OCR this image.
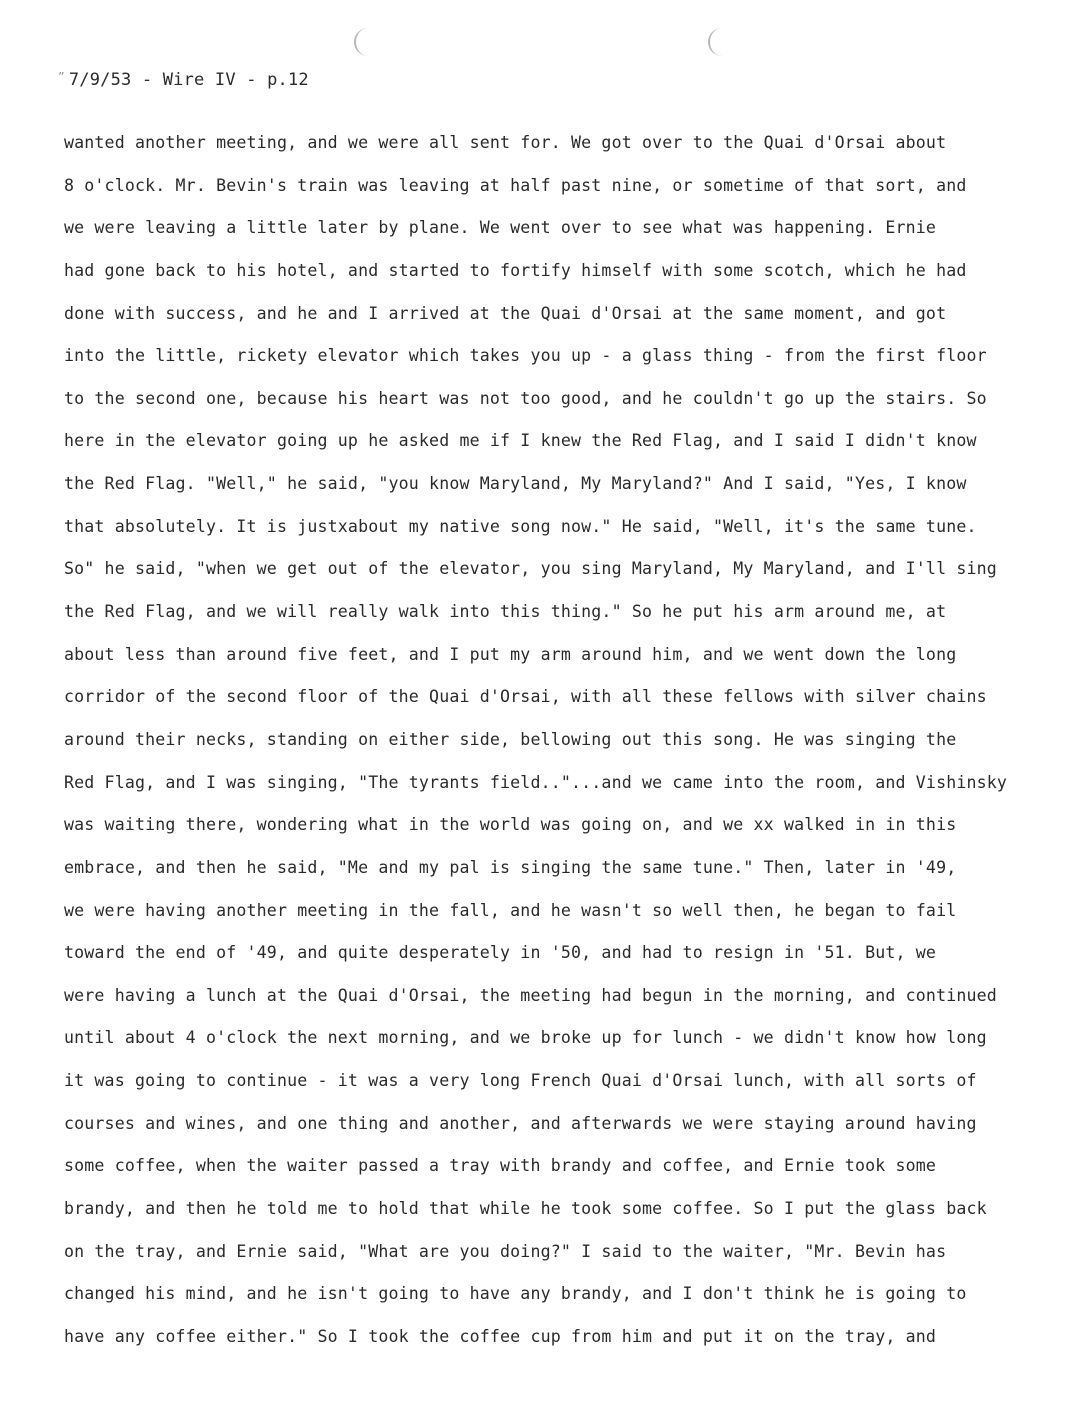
” 7/9/53 - Wire IV - p.12
wanted another meeting, and we were all sent for. We got over to the Quai d'Orsai about
8 o'clock. Mr. Bevin's train was leaving at half past nine, or sometime of that sort, and
we were leaving a little later by plane. We went over to see what was happening. Ernie
had gone back to his hotel, and started to fortify himself with some scotch, which he had
done with success, and he and I arrived at the Quai d'Orsai at the same moment, and got
into the little, rickety elevator which takes you up - a glass thing - from the first floor
to the second one, because his heart was not too good, and he couldn't go up the stairs. So
here in the elevator going up he asked me if I knew the Red Flag, and I said I didn't know
the Red Flag. "Well," he said, "you know Maryland, My Maryland?" And I said, "Yes, I know
that absolutely. It is justxabout my native song now." He said, "Well, it's the same tune.
So" he said, "when we get out of the elevator, you sing Maryland, My Maryland, and I'll sing
the Red Flag, and we will really walk into this thing." So he put his arm around me, at
about less than around five feet, and I put my arm around him, and we went down the long
corridor of the second floor of the Quai d'Orsai, with all these fellows with silver chains
around their necks, standing on either side, bellowing out this song. He was singing the
Red Flag, and I was singing, "The tyrants field.."...and we came into the room, and Vishinsky
was waiting there, wondering what in the world was going on, and we xx walked in in this
embrace, and then he said, "Me and my pal is singing the same tune." Then, later in '49,
we were having another meeting in the fall, and he wasn't so well then, he began to fail
toward the end of '49, and quite desperately in '50, and had to resign in '51. But, we
were having a lunch at the Quai d'Orsai, the meeting had begun in the morning, and continued
until about 4 o'clock the next morning, and we broke up for lunch - we didn't know how long
it was going to continue - it was a very long French Quai d'Orsai lunch, with all sorts of
courses and wines, and one thing and another, and afterwards we were staying around having
some coffee, when the waiter passed a tray with brandy and coffee, and Ernie took some
brandy, and then he told me to hold that while he took some coffee. So I put the glass back
on the tray, and Ernie said, "What are you doing?" I said to the waiter, "Mr. Bevin has
changed his mind, and he isn't going to have any brandy, and I don't think he is going to
have any coffee either." So I took the coffee cup from him and put it on the tray, and
